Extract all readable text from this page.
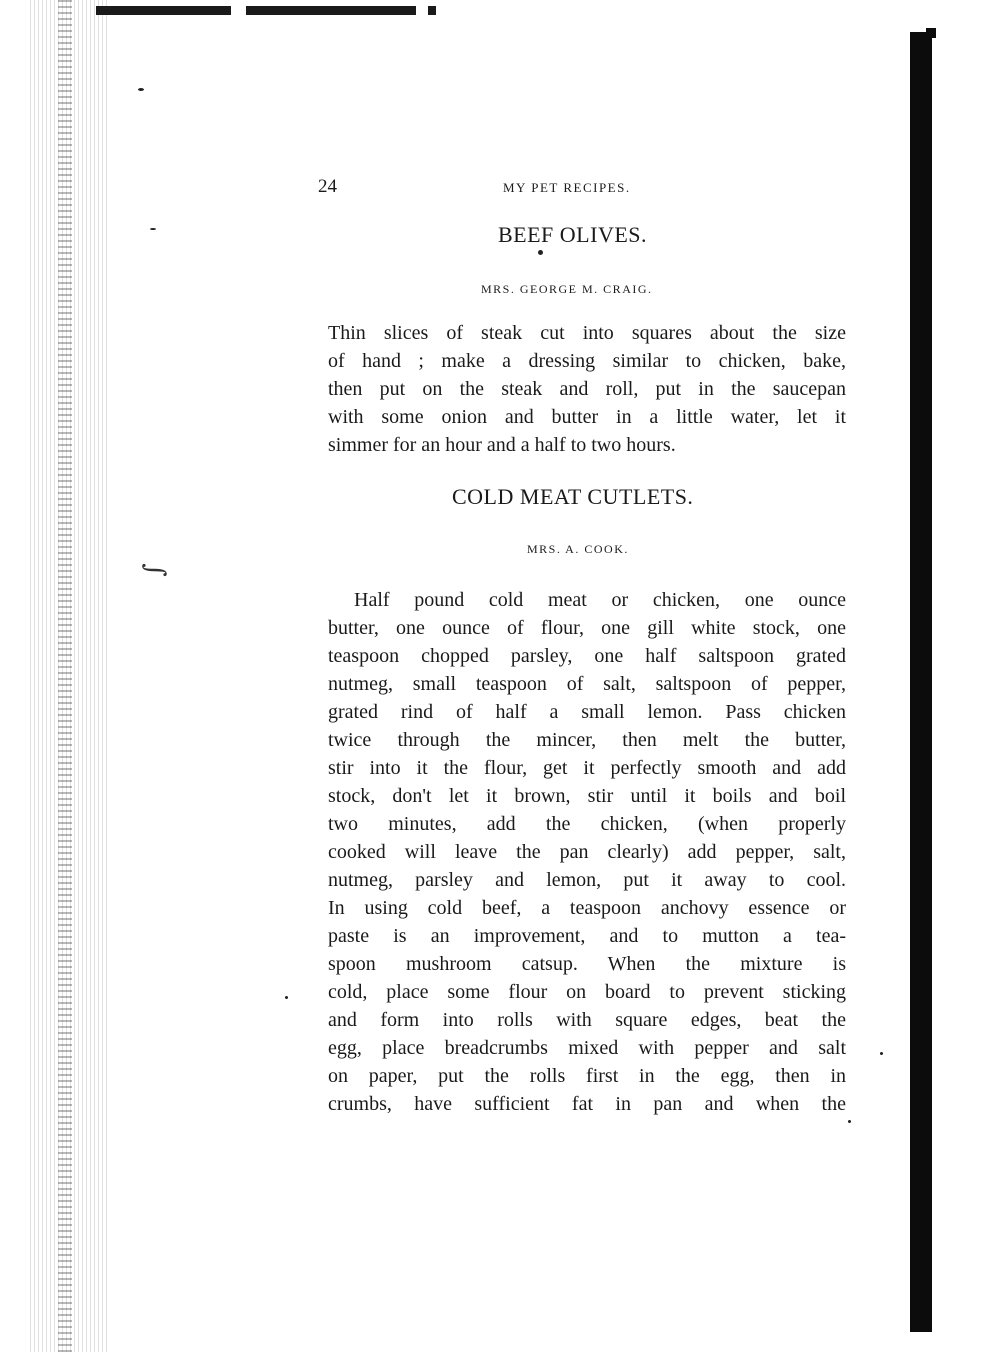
∫
24	MY PET RECIPES.
BEEF OLIVES.
MRS. GEORGE M. CRAIG.
Thin slices of steak cut into squares about the size
of hand ; make a dressing similar to chicken, bake,
then put on the steak and roll, put in the saucepan
with some onion and butter in a little water, let it
simmer for an hour and a half to two hours.
COLD MEAT CUTLETS.
MRS. A. COOK.
Half pound cold meat or chicken, one ounce
butter, one ounce of flour, one gill white stock, one
teaspoon chopped parsley, one half saltspoon grated
nutmeg, small teaspoon of salt, saltspoon of pepper,
grated rind of half a small lemon. Pass chicken
twice through the mincer, then melt the butter,
stir into it the flour, get it perfectly smooth and add
stock, don't let it brown, stir until it boils and boil
two minutes, add the chicken, (when properly
cooked will leave the pan clearly) add pepper, salt,
nutmeg, parsley and lemon, put it away to cool.
In using cold beef, a teaspoon anchovy essence or
paste is an improvement, and to mutton a tea-
spoon mushroom catsup. When the mixture is
cold, place some flour on board to prevent sticking
and form into rolls with square edges, beat the
egg, place breadcrumbs mixed with pepper and salt
on paper, put the rolls first in the egg, then in
crumbs, have sufficient fat in pan and when the
